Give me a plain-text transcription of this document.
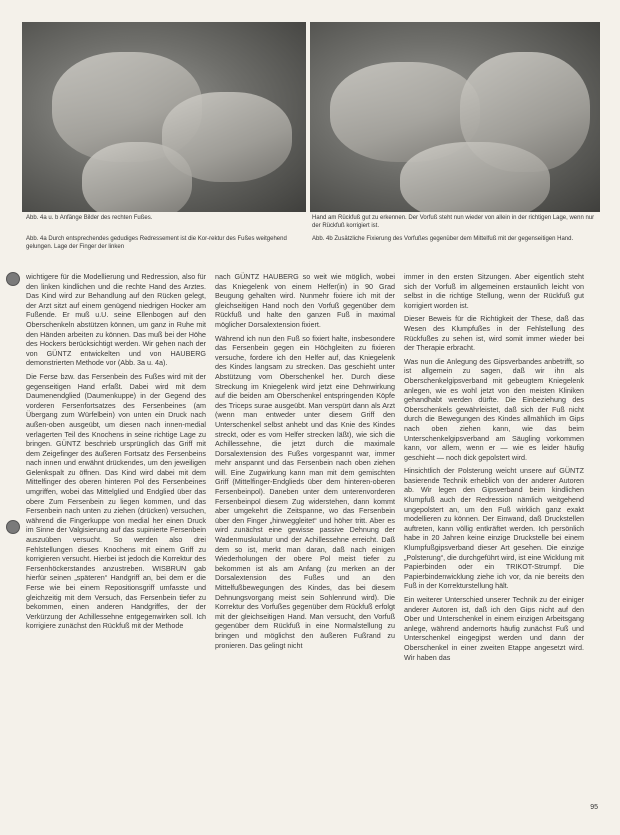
Abb. 4a u. b Anfänge Bilder des rechten Fußes.
Abb. 4a Durch entsprechendes gedudiges Redressement ist die Kor-rektur des Fußes weitgehend gelungen. Lage der Finger der linken
Hand am Rückfuß gut zu erkennen. Der Vorfuß steht nun wieder von allein in der richtigen Lage, wenn nur der Rückfuß korrigiert ist.
Abb. 4b Zusätzliche Fixierung des Vorfußes gegenüber dem Mittelfuß mit der gegenseitigen Hand.

wichtigere für die Modellierung und Redression, also für den linken kindlichen und die rechte Hand des Arztes. Das Kind wird zur Behandlung auf den Rücken gelegt, der Arzt sitzt auf einem genügend niedrigen Hocker am Fußende. Er muß u.U. seine Ellenbogen auf den Oberschenkeln abstützen können, um ganz in Ruhe mit den Händen arbeiten zu können. Das muß bei der Höhe des Hockers berücksichtigt werden. Wir gehen nach der von GÜNTZ entwickelten und von HAUBERG demonstrierten Methode vor (Abb. 3a u. 4a).

Die Ferse bzw. das Fersenbein des Fußes wird mit der gegenseitigen Hand erfaßt. Dabei wird mit dem Daumenendglied (Daumenkuppe) in der Gegend des vorderen Fersenfortsatzes des Fersenbeines (am Übergang zum Würfelbein) von unten ein Druck nach außen-oben ausgeübt, um diesen nach innen-medial verlagerten Teil des Knochens in seine richtige Lage zu bringen. GÜNTZ beschrieb ursprünglich das Griff mit dem Zeigefinger des äußeren Fortsatz des Fersenbeins nach innen und erwähnt drückendes, um den jeweiligen Gelenkspalt zu öffnen. Das Kind wird dabei mit dem Mittelfinger des oberen hinteren Pol des Fersenbeines umgriffen, wobei das Mittelglied und Endglied über das obere Zum Fersenbein zu liegen kommen, und das Fersenbein nach unten zu ziehen (drücken) versuchen, während die Fingerkuppe von medial her einen Druck im Sinne der Valgisierung auf das supinierte Fersenbein auszuüben versucht. So werden also drei Fehlstellungen dieses Knochens mit einem Griff zu korrigieren versucht. Hierbei ist jedoch die Korrektur des Fersenhöckerstandes anzustreben. WISBRUN gab hierfür seinen „späteren“ Handgriff an, bei dem er die Ferse wie bei einem Repositionsgriff umfasste und gleichzeitig mit dem Versuch, das Fersenbein tiefer zu bekommen, einen anderen Handgriffes, der der Verkürzung der Achillessehne entgegenwirken soll. Ich korrigiere zunächst den Rückfuß mit der Methode

nach GÜNTZ HAUBERG so weit wie möglich, wobei das Kniegelenk von einem Helfer(in) in 90 Grad Beugung gehalten wird. Nunmehr fixiere ich mit der gleichseitigen Hand noch den Vorfuß gegenüber dem Rückfuß und halte den ganzen Fuß in maximal möglicher Dorsalextension fixiert.

Während ich nun den Fuß so fixiert halte, insbesondere das Fersenbein gegen ein Höchgleiten zu fixieren versuche, fordere ich den Helfer auf, das Kniegelenk des Kindes langsam zu strecken. Das geschieht unter Abstützung vom Oberschenkel her. Durch diese Streckung im Kniegelenk wird jetzt eine Dehnwirkung auf die beiden am Oberschenkel entspringenden Köpfe des Triceps surae ausgeübt. Man verspürt dann als Arzt (wenn man entweder unter diesem Griff den Unterschenkel selbst anhebt und das Knie des Kindes streckt, oder es vom Helfer strecken läßt), wie sich die Achillessehne, die jetzt durch die maximale Dorsalextension des Fußes vorgespannt war, immer mehr anspannt und das Fersenbein nach oben ziehen will. Eine Zugwirkung kann man mit dem gemischten Griff (Mittelfinger-Endglieds über dem hinteren-oberen Fersenbeinpol). Daneben unter dem unterenvorderen Fersenbeinpol diesem Zug widerstehen, dann kommt aber umgekehrt die Zeitspanne, wo das Fersenbein über den Finger „hinweggleitet“ und höher tritt. Aber es wird zunächst eine gewisse passive Dehnung der Wadenmuskulatur und der Achillessehne erreicht. Daß dem so ist, merkt man daran, daß nach einigen Wiederholungen der obere Pol meist tiefer zu bekommen ist als am Anfang (zu merken an der Dorsalextension des Fußes und an den Mittelfußbewegungen des Kindes, das bei diesem Dehnungsvorgang meist sein Sohlenrund wird). Die Korrektur des Vorfußes gegenüber dem Rückfuß erfolgt mit der gleichseitigen Hand. Man versucht, den Vorfuß gegenüber dem Rückfuß in eine Normalstellung zu bringen und möglichst den äußeren Fußrand zu pronieren. Das gelingt nicht

immer in den ersten Sitzungen. Aber eigentlich steht sich der Vorfuß im allgemeinen erstaunlich leicht von selbst in die richtige Stellung, wenn der Rückfuß gut korrigiert worden ist.

Dieser Beweis für die Richtigkeit der These, daß das Wesen des Klumpfußes in der Fehlstellung des Rückfußes zu sehen ist, wird somit immer wieder bei der Therapie erbracht.

Was nun die Anlegung des Gipsverbandes anbetrifft, so ist allgemein zu sagen, daß wir ihn als Oberschenkelgipsverband mit gebeugtem Kniegelenk anlegen, wie es wohl jetzt von den meisten Kliniken gehandhabt werden dürfte. Die Einbeziehung des Oberschenkels gewährleistet, daß sich der Fuß nicht durch die Bewegungen des Kindes allmählich im Gips nach oben ziehen kann, wie das beim Unterschenkelgipsverband am Säugling vorkommen kann, vor allem, wenn er — wie es leider häufig geschieht — noch dick gepolstert wird.

Hinsichtlich der Polsterung weicht unsere auf GÜNTZ basierende Technik erheblich von der anderer Autoren ab. Wir legen den Gipsverband beim kindlichen Klumpfuß auch der Redression nämlich weitgehend ungepolstert an, um den Fuß wirklich ganz exakt modellieren zu können. Der Einwand, daß Druckstellen auftreten, kann völlig entkräftet werden. Ich persönlich habe in 20 Jahren keine einzige Druckstelle bei einem Klumpfußgipsverband dieser Art gesehen. Die einzige „Polsterung“, die durchgeführt wird, ist eine Wicklung mit Papierbinden oder ein TRIKOT-Strumpf. Die Papierbindenwicklung ziehe ich vor, da nie bereits den Fuß in der Korrekturstellung hält.

Ein weiterer Unterschied unserer Technik zu der einiger anderer Autoren ist, daß ich den Gips nicht auf den Ober und Unterschenkel in einem einzigen Arbeitsgang anlege, während andernorts häufig zunächst Fuß und Unterschenkel eingegipst werden und dann der Oberschenkel in einer zweiten Etappe angesetzt wird. Wir haben das

95
